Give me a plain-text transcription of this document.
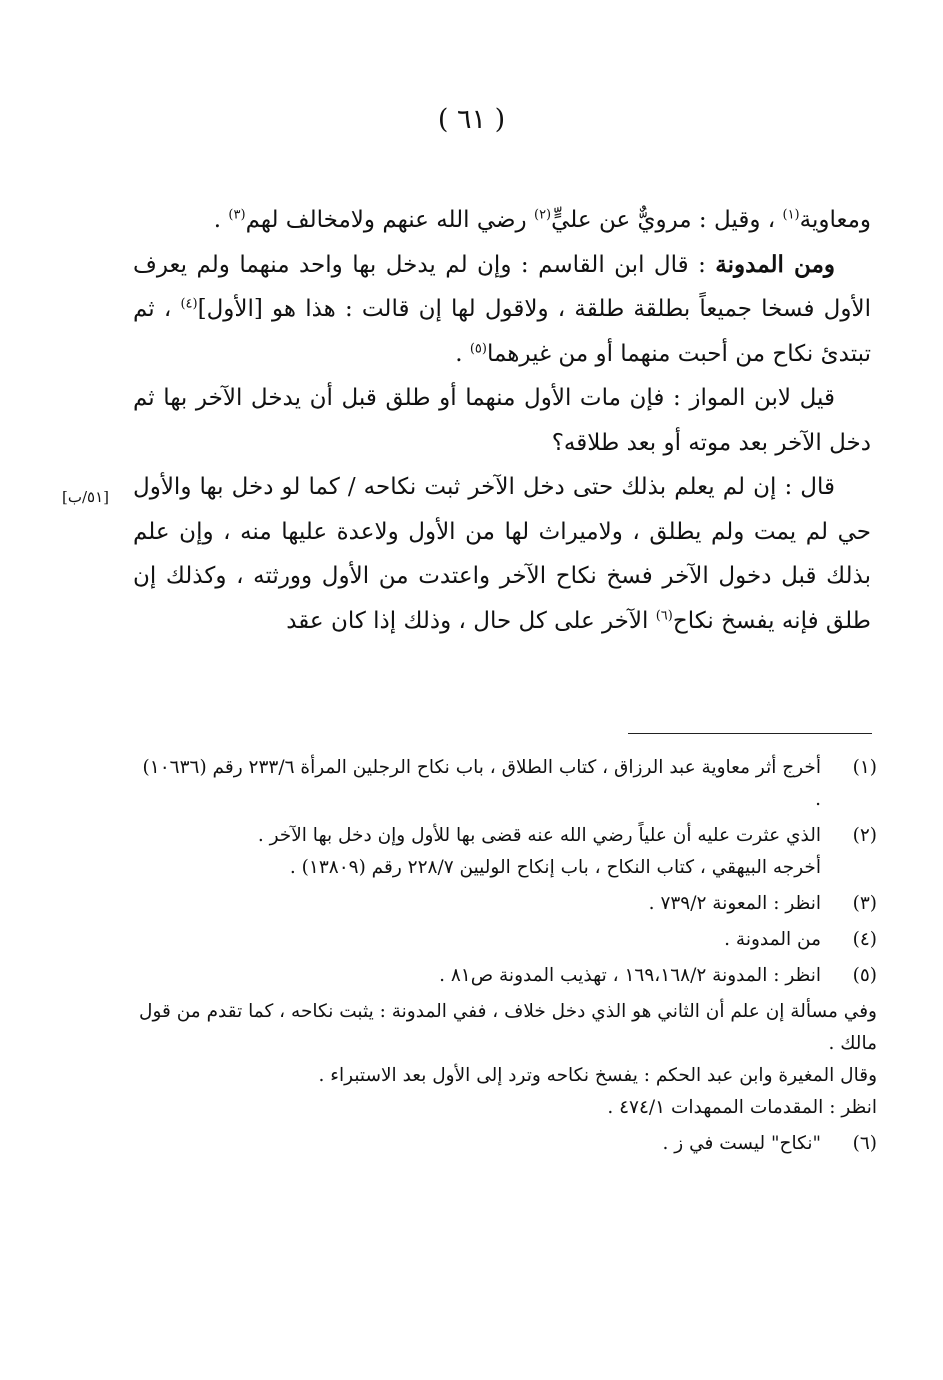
( ٦١ )
[٥١/ب]

ومعاوية$^{(١)}$ ، وقيل : مرويٌّ عن عليٍّ$^{(٢)}$ رضي الله عنهم ولامخالف لهم$^{(٣)}$ .

ومن المدونة : قال ابن القاسم : وإن لم يدخل بها واحد منهما ولم يعرف الأول فسخا جميعاً بطلقة طلقة ، ولاقول لها إن قالت : هذا هو [الأول]$^{(٤)}$ ، ثم تبتدئ نكاح من أحبت منهما أو من غيرهما$^{(٥)}$ .

قيل لابن المواز : فإن مات الأول منهما أو طلق قبل أن يدخل الآخر بها ثم دخل الآخر بعد موته أو بعد طلاقه؟

قال : إن لم يعلم بذلك حتى دخل الآخر ثبت نكاحه / كما لو دخل بها والأول حي لم يمت ولم يطلق ، ولاميراث لها من الأول ولاعدة عليها منه ، وإن علم بذلك قبل دخول الآخر فسخ نكاح الآخر واعتدت من الأول وورثته ، وكذلك إن طلق فإنه يفسخ نكاح$^{(٦)}$ الآخر على كل حال ، وذلك إذا كان عقد

(١)
أخرج أثر معاوية عبد الرزاق ، كتاب الطلاق ، باب نكاح الرجلين المرأة ٢٣٣/٦ رقم (١٠٦٣٦) .
(٢)
الذي عثرت عليه أن علياً رضي الله عنه قضى بها للأول وإن دخل بها الآخر .
أخرجه البيهقي ، كتاب النكاح ، باب إنكاح الوليين ٢٢٨/٧ رقم (١٣٨٠٩) .
(٣)
انظر : المعونة ٧٣٩/٢ .
(٤)
من المدونة .
(٥)
انظر : المدونة ١٦٩،١٦٨/٢ ، تهذيب المدونة ص٨١ .
وفي مسألة إن علم أن الثاني هو الذي دخل خلاف ، ففي المدونة : يثبت نكاحه ، كما تقدم من قول مالك .
وقال المغيرة وابن عبد الحكم : يفسخ نكاحه وترد إلى الأول بعد الاستبراء .
انظر : المقدمات الممهدات ٤٧٤/١ .
(٦)
"نكاح" ليست في ز .
